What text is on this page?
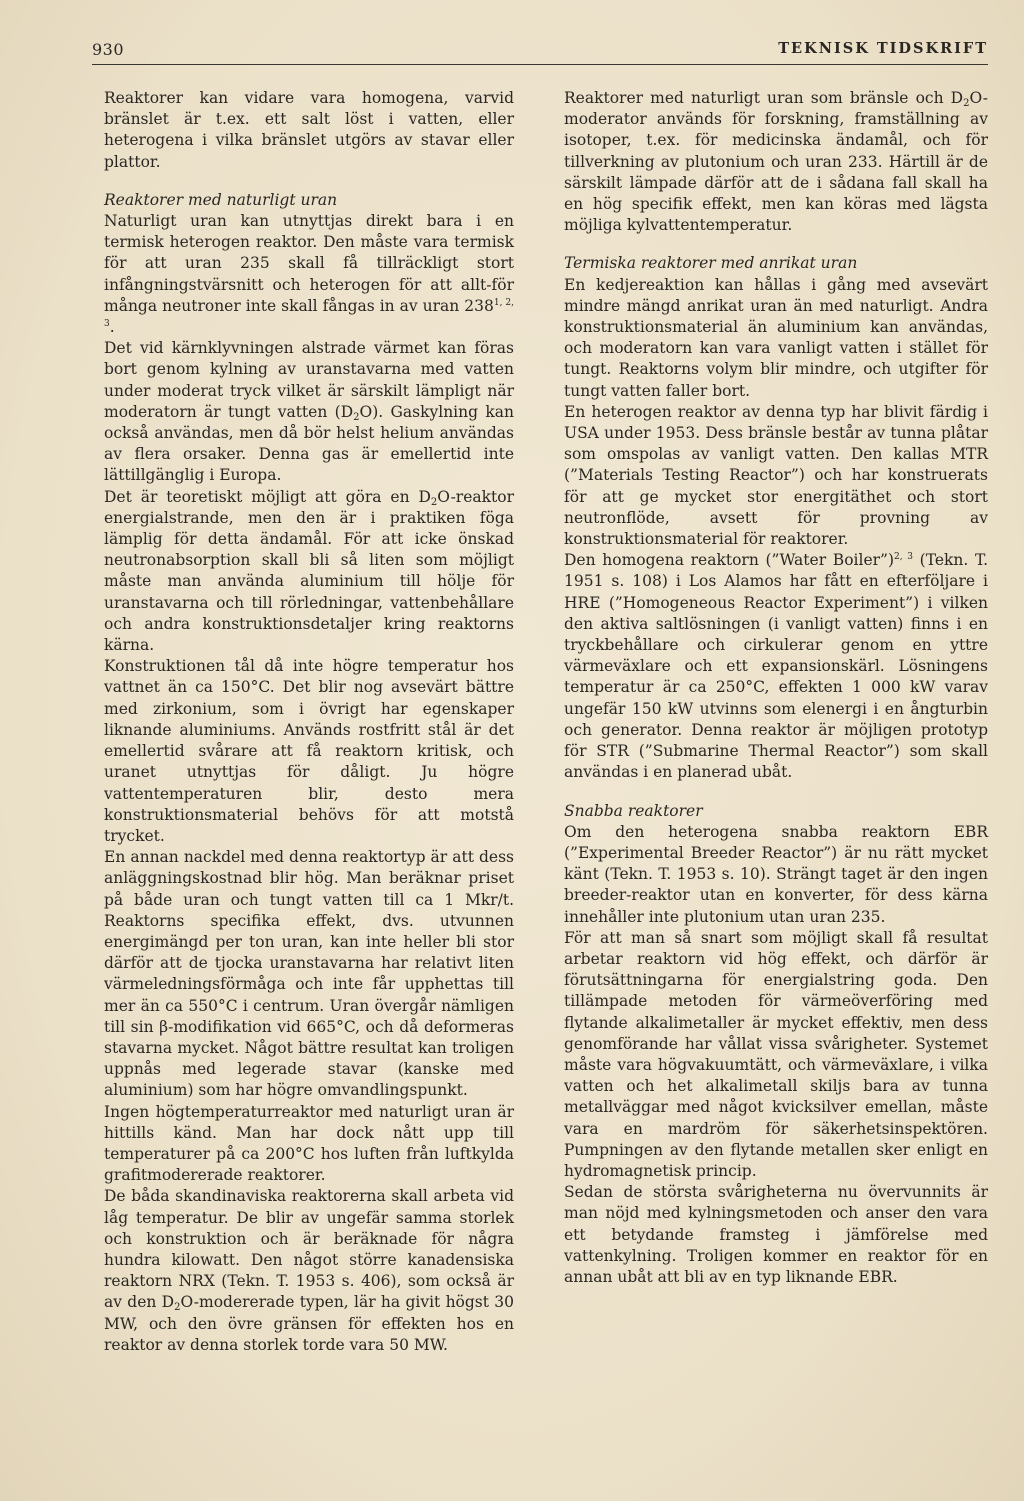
930	TEKNISK TIDSKRIFT

Reaktorer kan vidare vara homogena, varvid bränslet är t.ex. ett salt löst i vatten, eller heterogena i vilka bränslet utgörs av stavar eller plattor.

Reaktorer med naturligt uran

Naturligt uran kan utnyttjas direkt bara i en termisk heterogen reaktor. Den måste vara termisk för att uran 235 skall få tillräckligt stort infångningstvärsnitt och heterogen för att allt-för många neutroner inte skall fångas in av uran 238$^{1, 2, 3}$.

Det vid kärnklyvningen alstrade värmet kan föras bort genom kylning av uranstavarna med vatten under moderat tryck vilket är särskilt lämpligt när moderatorn är tungt vatten $(D_2O)$. Gaskylning kan också användas, men då bör helst helium användas av flera orsaker. Denna gas är emellertid inte lättillgänglig i Europa.

Det är teoretiskt möjligt att göra en $D_2O$-reaktor energialstrande, men den är i praktiken föga lämplig för detta ändamål. För att icke önskad neutronabsorption skall bli så liten som möjligt måste man använda aluminium till hölje för uranstavarna och till rörledningar, vattenbehållare och andra konstruktionsdetaljer kring reaktorns kärna.

Konstruktionen tål då inte högre temperatur hos vattnet än ca 150°C. Det blir nog avsevärt bättre med zirkonium, som i övrigt har egenskaper liknande aluminiums. Används rostfritt stål är det emellertid svårare att få reaktorn kritisk, och uranet utnyttjas för dåligt. Ju högre vattentemperaturen blir, desto mera konstruktionsmaterial behövs för att motstå trycket.

En annan nackdel med denna reaktortyp är att dess anläggningskostnad blir hög. Man beräknar priset på både uran och tungt vatten till ca 1 Mkr/t. Reaktorns specifika effekt, dvs. utvunnen energimängd per ton uran, kan inte heller bli stor därför att de tjocka uranstavarna har relativt liten värmeledningsförmåga och inte får upphettas till mer än ca 550°C i centrum. Uran övergår nämligen till sin β-modifikation vid 665°C, och då deformeras stavarna mycket. Något bättre resultat kan troligen uppnås med legerade stavar (kanske med aluminium) som har högre omvandlingspunkt.

Ingen högtemperaturreaktor med naturligt uran är hittills känd. Man har dock nått upp till temperaturer på ca 200°C hos luften från luftkylda grafitmodererade reaktorer.

De båda skandinaviska reaktorerna skall arbeta vid låg temperatur. De blir av ungefär samma storlek och konstruktion och är beräknade för några hundra kilowatt. Den något större kanadensiska reaktorn NRX (Tekn. T. 1953 s. 406), som också är av den $D_2O$-modererade typen, lär ha givit högst 30 MW, och den övre gränsen för effekten hos en reaktor av denna storlek torde vara 50 MW.

Reaktorer med naturligt uran som bränsle och $D_2O$-moderator används för forskning, framställning av isotoper, t.ex. för medicinska ändamål, och för tillverkning av plutonium och uran 233. Härtill är de särskilt lämpade därför att de i sådana fall skall ha en hög specifik effekt, men kan köras med lägsta möjliga kylvattentemperatur.

Termiska reaktorer med anrikat uran

En kedjereaktion kan hållas i gång med avsevärt mindre mängd anrikat uran än med naturligt. Andra konstruktionsmaterial än aluminium kan användas, och moderatorn kan vara vanligt vatten i stället för tungt. Reaktorns volym blir mindre, och utgifter för tungt vatten faller bort.

En heterogen reaktor av denna typ har blivit färdig i USA under 1953. Dess bränsle består av tunna plåtar som omspolas av vanligt vatten. Den kallas MTR (”Materials Testing Reactor”) och har konstruerats för att ge mycket stor energitäthet och stort neutronflöde, avsett för provning av konstruktionsmaterial för reaktorer.

Den homogena reaktorn (”Water Boiler”)$^{2, 3}$ (Tekn. T. 1951 s. 108) i Los Alamos har fått en efterföljare i HRE (”Homogeneous Reactor Experiment”) i vilken den aktiva saltlösningen (i vanligt vatten) finns i en tryckbehållare och cirkulerar genom en yttre värmeväxlare och ett expansionskärl. Lösningens temperatur är ca 250°C, effekten 1 000 kW varav ungefär 150 kW utvinns som elenergi i en ångturbin och generator. Denna reaktor är möjligen prototyp för STR (”Submarine Thermal Reactor”) som skall användas i en planerad ubåt.

Snabba reaktorer

Om den heterogena snabba reaktorn EBR (”Experimental Breeder Reactor”) är nu rätt mycket känt (Tekn. T. 1953 s. 10). Strängt taget är den ingen breeder-reaktor utan en konverter, för dess kärna innehåller inte plutonium utan uran 235.

För att man så snart som möjligt skall få resultat arbetar reaktorn vid hög effekt, och därför är förutsättningarna för energialstring goda. Den tillämpade metoden för värmeöverföring med flytande alkalimetaller är mycket effektiv, men dess genomförande har vållat vissa svårigheter. Systemet måste vara högvakuumtätt, och värmeväxlare, i vilka vatten och het alkalimetall skiljs bara av tunna metallväggar med något kvicksilver emellan, måste vara en mardröm för säkerhetsinspektören. Pumpningen av den flytande metallen sker enligt en hydromagnetisk princip.

Sedan de största svårigheterna nu övervunnits är man nöjd med kylningsmetoden och anser den vara ett betydande framsteg i jämförelse med vattenkylning. Troligen kommer en reaktor för en annan ubåt att bli av en typ liknande EBR.
